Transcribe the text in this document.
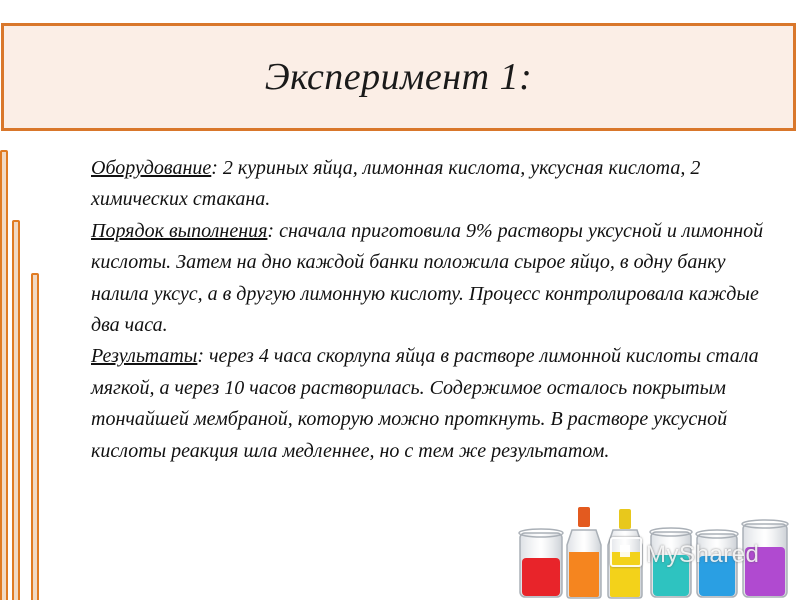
Эксперимент 1:

Оборудование: 2 куриных яйца, лимонная кислота, уксусная кислота, 2 химических стакана.

Порядок выполнения: сначала приготовила 9% растворы уксусной и лимонной кислоты. Затем на дно каждой банки положила сырое яйцо, в одну банку налила уксус, а в другую лимонную кислоту. Процесс контролировала каждые два часа.

Результаты: через 4 часа скорлупа яйца в растворе лимонной кислоты стала мягкой, а через 10 часов растворилась. Содержимое осталось покрытым тончайшей мембраной, которую можно проткнуть. В растворе уксусной кислоты реакция шла медленнее, но с тем же результатом.

MyShared
